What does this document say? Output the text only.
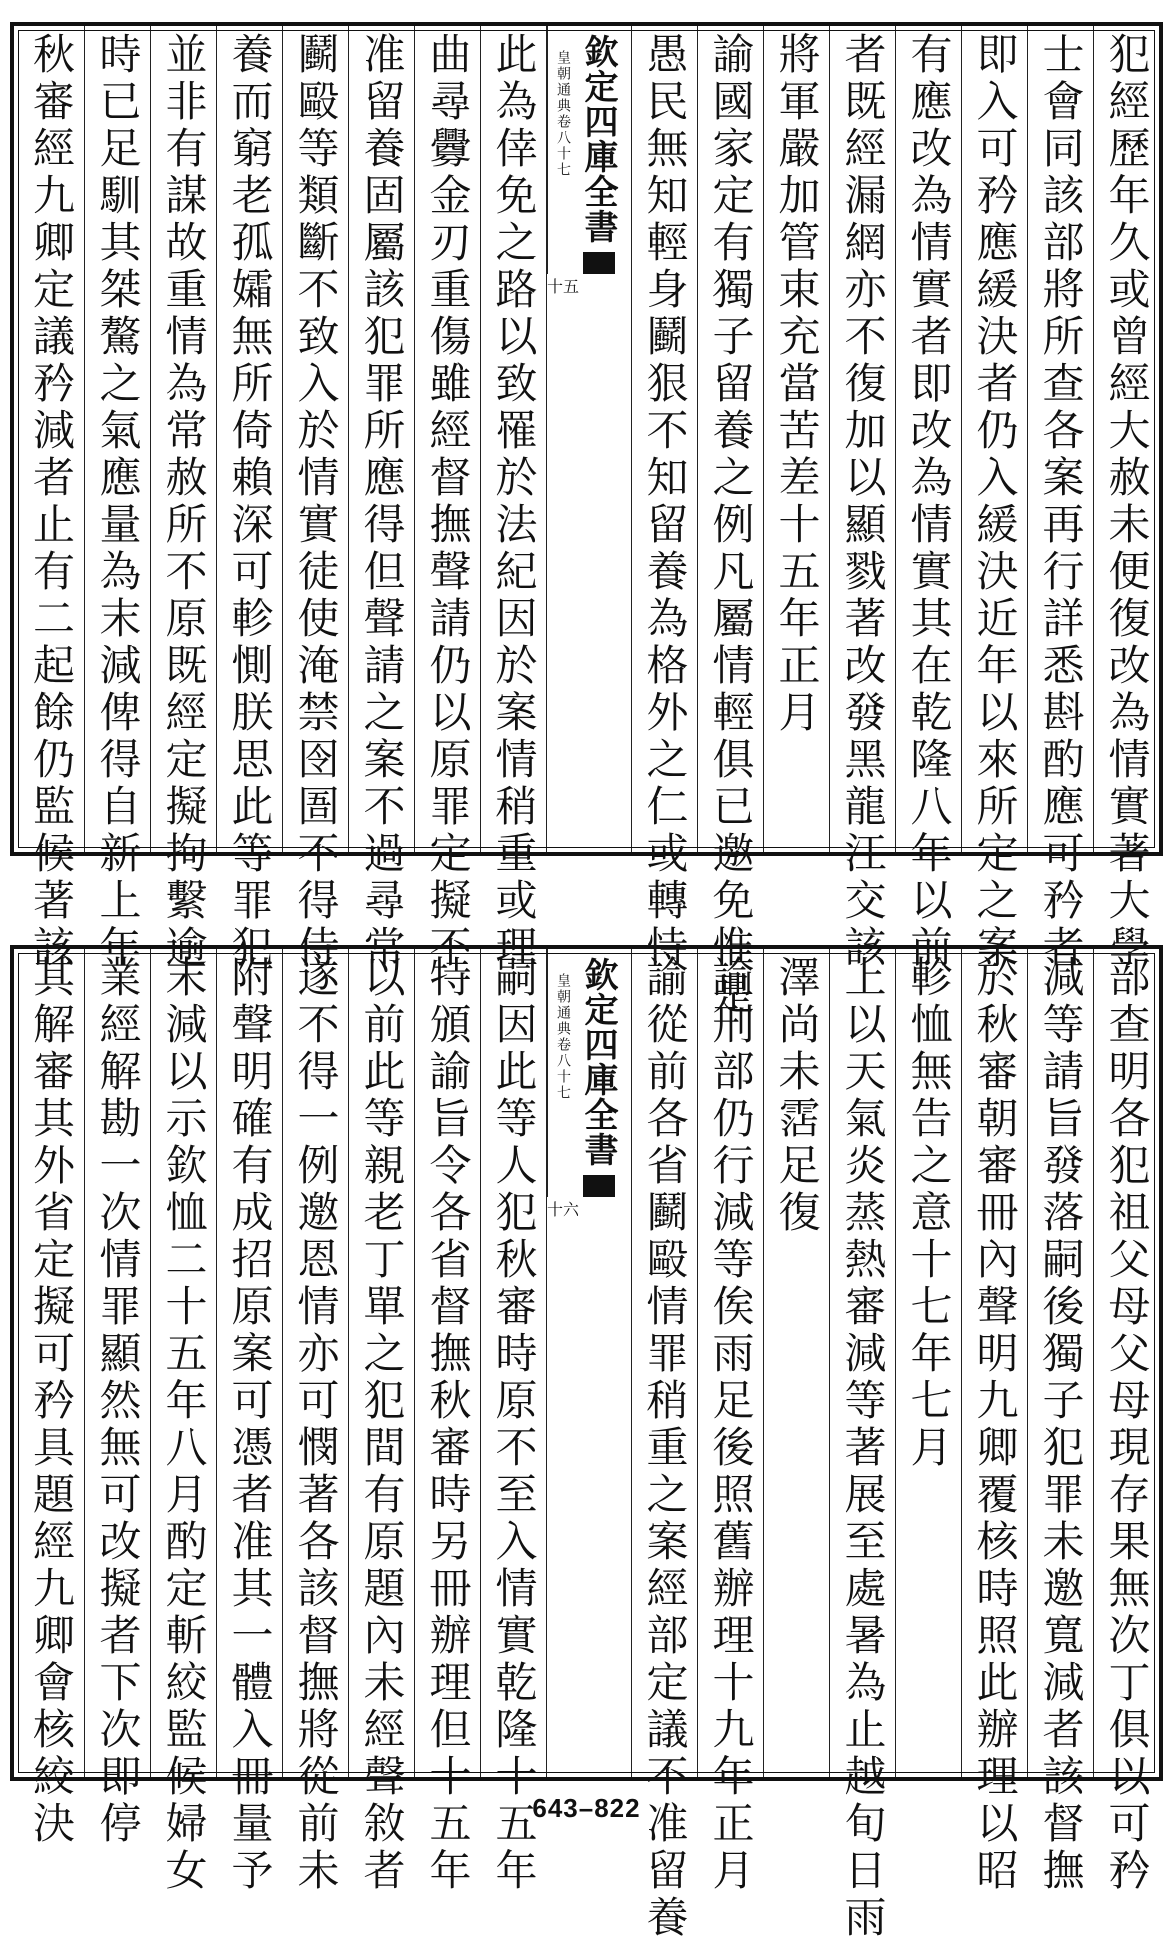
犯經歷年久或曾經大赦未便復改為情實著大學
士會同該部將所查各案再行詳悉斟酌應可矜者
即入可矜應緩決者仍入緩決近年以來所定之案
有應改為情實者即改為情實其在乾隆八年以前
者既經漏網亦不復加以顯戮著改發黑龍江交該
將軍嚴加管束充當苦差十五年正月
諭國家定有獨子留養之例凡屬情輕俱已邀免惟是
愚民無知輕身鬬狠不知留養為格外之仁或轉恃
皇朝通典
卷八十七 欽定四庫全書
十五
此為倖免之路以致罹於法紀因於案情稍重或理
曲尋釁金刃重傷雖經督撫聲請仍以原罪定擬不
准留養固屬該犯罪所應得但聲請之案不過尋常
鬬毆等類斷不致入於情實徒使淹禁囹圄不得侍
養而窮老孤孀無所倚賴深可軫惻朕思此等罪犯
並非有謀故重情為常赦所不原既經定擬拘繫逾
時已足馴其桀驁之氣應量為末減俾得自新上年
秋審經九卿定議矜減者止有二起餘仍監候著該
部查明各犯祖父母父母現存果無次丁俱以可矜
減等請旨發落嗣後獨子犯罪未邀寬減者該督撫
於秋審朝審冊內聲明九卿覆核時照此辦理以昭
軫恤無告之意十七年七月
上以天氣炎蒸熱審減等著展至處暑為止越旬日雨
澤尚未霑足復
諭刑部仍行減等俟雨足後照舊辦理十九年正月
諭從前各省鬬毆情罪稍重之案經部定議不准留養
皇朝通典
卷八十七 欽定四庫全書
十六
嗣因此等人犯秋審時原不至入情實乾隆十五年
特頒諭旨令各省督撫秋審時另冊辦理但十五年
以前此等親老丁單之犯間有原題內未經聲敘者
遂不得一例邀恩情亦可憫著各該督撫將從前未
附聲明確有成招原案可憑者准其一體入冊量予
末減以示欽恤二十五年八月酌定斬絞監候婦女
業經解勘一次情罪顯然無可改擬者下次即停
其解審其外省定擬可矜具題經九卿會核絞決	643–822
